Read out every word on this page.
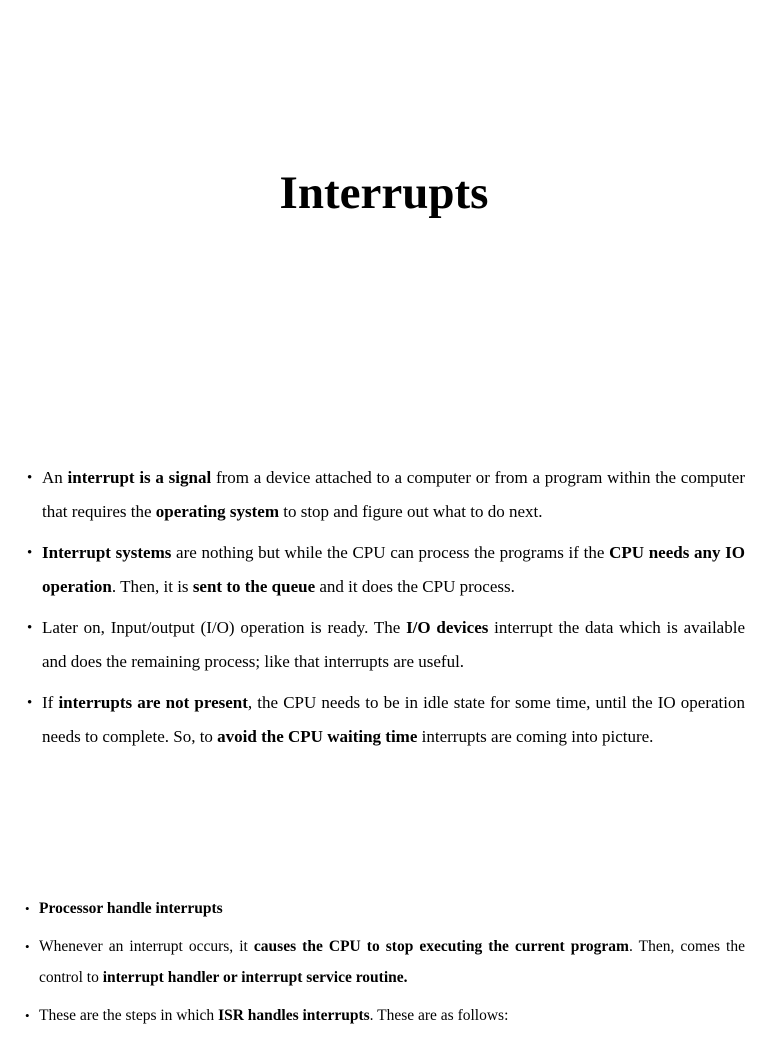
Interrupts
• An interrupt is a signal from a device attached to a computer or from a program within the computer that requires the operating system to stop and figure out what to do next.
• Interrupt systems are nothing but while the CPU can process the programs if the CPU needs any IO operation. Then, it is sent to the queue and it does the CPU process.
• Later on, Input/output (I/O) operation is ready. The I/O devices interrupt the data which is available and does the remaining process; like that interrupts are useful.
• If interrupts are not present, the CPU needs to be in idle state for some time, until the IO operation needs to complete. So, to avoid the CPU waiting time interrupts are coming into picture.
• Processor handle interrupts
• Whenever an interrupt occurs, it causes the CPU to stop executing the current program. Then, comes the control to interrupt handler or interrupt service routine.
• These are the steps in which ISR handles interrupts. These are as follows:
